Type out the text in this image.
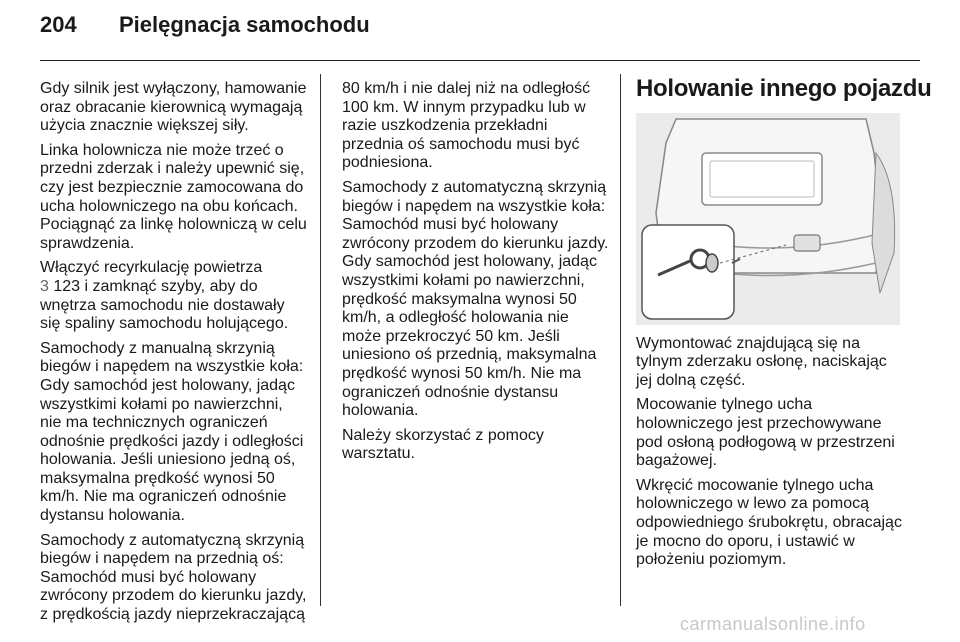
204 Pielęgnacja samochodu

Gdy silnik jest wyłączony, hamowanie oraz obracanie kierownicą wymagają użycia znacznie większej siły.

Linka holownicza nie może trzeć o przedni zderzak i należy upewnić się, czy jest bezpiecznie zamocowana do ucha holowniczego na obu końcach. Pociągnąć za linkę holowniczą w celu sprawdzenia.

Włączyć recyrkulację powietrza
3 123 i zamknąć szyby, aby do wnętrza samochodu nie dostawały się spaliny samochodu holującego.

Samochody z manualną skrzynią biegów i napędem na wszystkie koła: Gdy samochód jest holowany, jadąc wszystkimi kołami po nawierzchni, nie ma technicznych ograniczeń odnośnie prędkości jazdy i odległości holowania. Jeśli uniesiono jedną oś, maksymalna prędkość wynosi 50 km/h. Nie ma ograniczeń odnośnie dystansu holowania.

Samochody z automatyczną skrzynią biegów i napędem na przednią oś: Samochód musi być holowany zwrócony przodem do kierunku jazdy, z prędkością jazdy nieprzekraczającą

80 km/h i nie dalej niż na odległość 100 km. W innym przypadku lub w razie uszkodzenia przekładni przednia oś samochodu musi być podniesiona.

Samochody z automatyczną skrzynią biegów i napędem na wszystkie koła: Samochód musi być holowany zwrócony przodem do kierunku jazdy. Gdy samochód jest holowany, jadąc wszystkimi kołami po nawierzchni, prędkość maksymalna wynosi 50 km/h, a odległość holowania nie może przekroczyć 50 km. Jeśli uniesiono oś przednią, maksymalna prędkość wynosi 50 km/h. Nie ma ograniczeń odnośnie dystansu holowania.

Należy skorzystać z pomocy warsztatu.

Holowanie innego pojazdu

Wymontować znajdującą się na tylnym zderzaku osłonę, naciskając jej dolną część.

Mocowanie tylnego ucha holowniczego jest przechowywane pod osłoną podłogową w przestrzeni bagażowej.

Wkręcić mocowanie tylnego ucha holowniczego w lewo za pomocą odpowiedniego śrubokrętu, obracając je mocno do oporu, i ustawić w położeniu poziomym.

carmanualsonline.info
